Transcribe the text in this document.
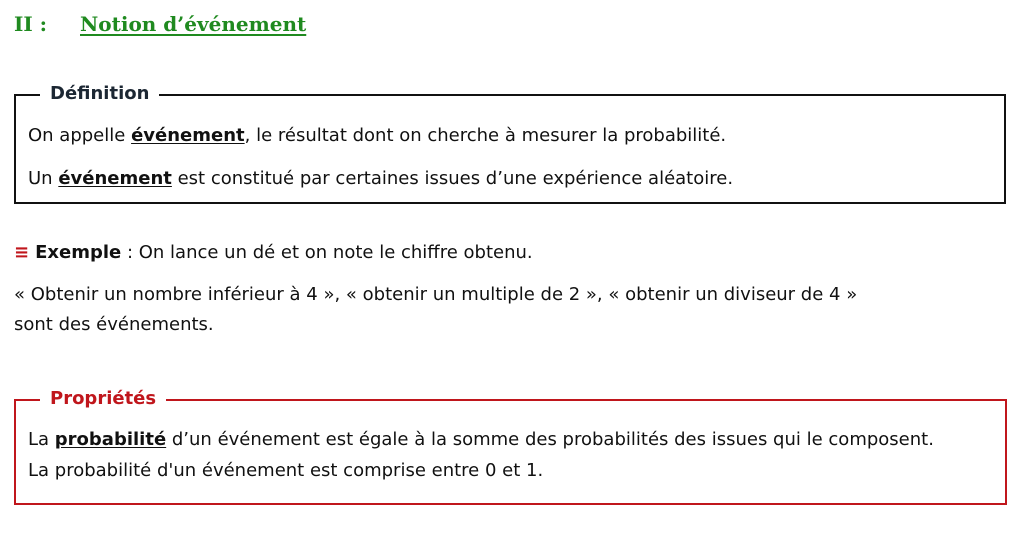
II : Notion d’événement
Définition
On appelle événement, le résultat dont on cherche à mesurer la probabilité.
Un événement est constitué par certaines issues d’une expérience aléatoire.
≡ Exemple : On lance un dé et on note le chiffre obtenu.
« Obtenir un nombre inférieur à 4 », « obtenir un multiple de 2 », « obtenir un diviseur de 4 »
sont des événements.
Propriétés
La probabilité d’un événement est égale à la somme des probabilités des issues qui le composent.
La probabilité d'un événement est comprise entre 0 et 1.
